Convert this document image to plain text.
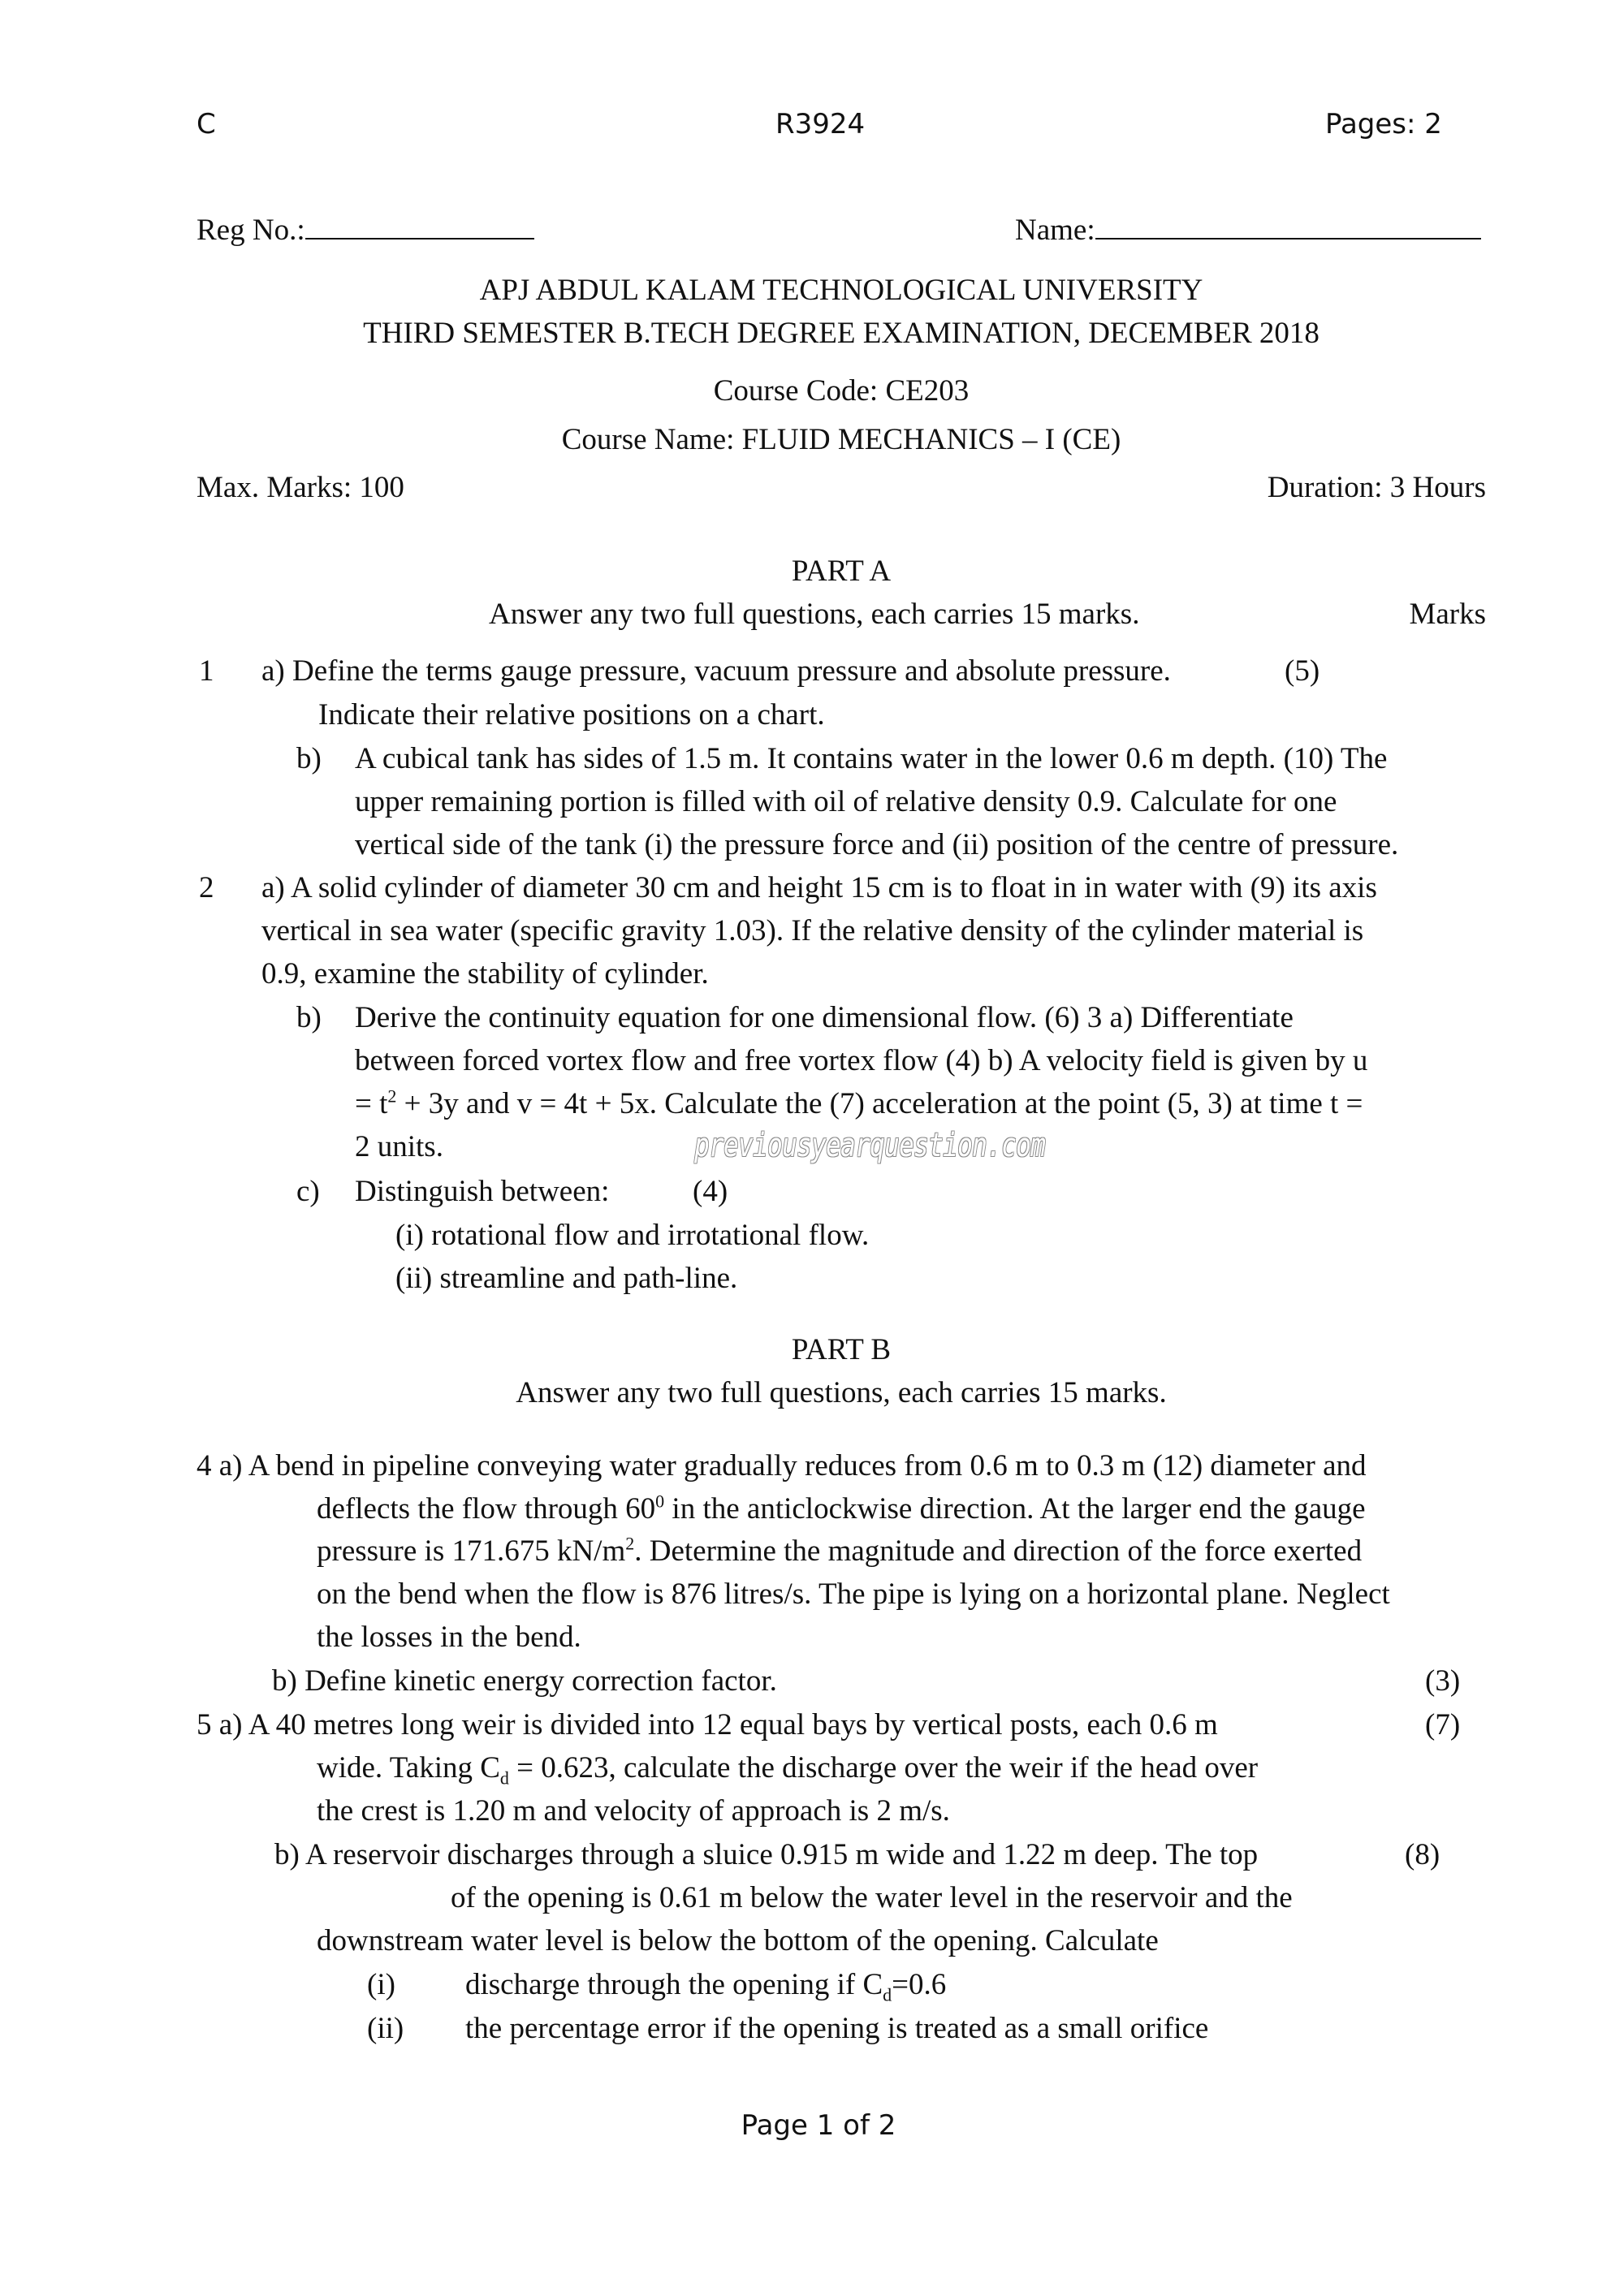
C	R3924	Pages: 2
Reg No.:	Name:
APJ ABDUL KALAM TECHNOLOGICAL UNIVERSITY
THIRD SEMESTER B.TECH DEGREE EXAMINATION, DECEMBER 2018
Course Code: CE203
Course Name: FLUID MECHANICS – I (CE)
Max. Marks: 100	Duration: 3 Hours
PART A
Answer any two full questions, each carries 15 marks.	Marks
1 a) Define the terms gauge pressure, vacuum pressure and absolute pressure.	(5)
Indicate their relative positions on a chart.
b) A cubical tank has sides of 1.5 m. It contains water in the lower 0.6 m depth. (10) The
upper remaining portion is filled with oil of relative density 0.9. Calculate for one
vertical side of the tank (i) the pressure force and (ii) position of the centre of pressure.
2 a) A solid cylinder of diameter 30 cm and height 15 cm is to float in in water with (9) its axis
vertical in sea water (specific gravity 1.03). If the relative density of the cylinder material is
0.9, examine the stability of cylinder.
b) Derive the continuity equation for one dimensional flow. (6) 3 a) Differentiate
between forced vortex flow and free vortex flow (4) b) A velocity field is given by u
= $t^2 + 3y$ and v = 4t + 5x. Calculate the (7) acceleration at the point (5, 3) at time t =
2 units.	previousyearquestion.com
c) Distinguish between:	(4)
(i) rotational flow and irrotational flow.
(ii) streamline and path-line.
PART B
Answer any two full questions, each carries 15 marks.
4 a) A bend in pipeline conveying water gradually reduces from 0.6 m to 0.3 m (12) diameter and
deflects the flow through $60^0$ in the anticlockwise direction. At the larger end the gauge
pressure is 171.675 $kN/m^2$. Determine the magnitude and direction of the force exerted
on the bend when the flow is 876 litres/s. The pipe is lying on a horizontal plane. Neglect
the losses in the bend.
b) Define kinetic energy correction factor.	(3)
5 a) A 40 metres long weir is divided into 12 equal bays by vertical posts, each 0.6 m	(7)
wide. Taking $C_d = 0.623$, calculate the discharge over the weir if the head over
the crest is 1.20 m and velocity of approach is 2 m/s.
b) A reservoir discharges through a sluice 0.915 m wide and 1.22 m deep. The top	(8)
of the opening is 0.61 m below the water level in the reservoir and the
downstream water level is below the bottom of the opening. Calculate
(i) discharge through the opening if $C_d=0.6$
(ii) the percentage error if the opening is treated as a small orifice
Page 1 of 2
